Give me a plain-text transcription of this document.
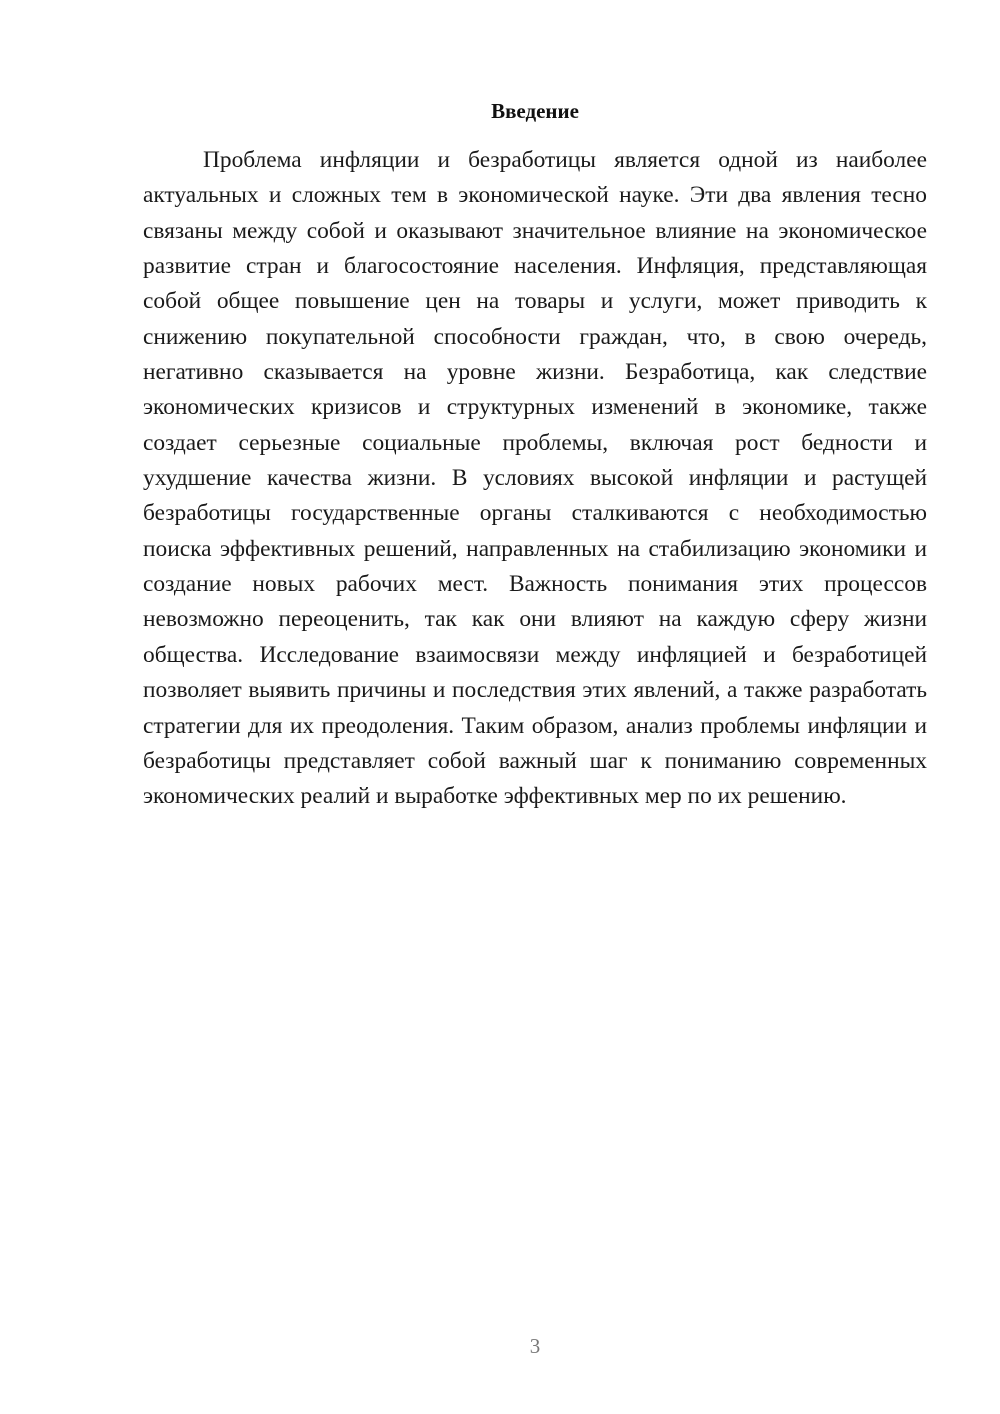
Введение

Проблема инфляции и безработицы является одной из наиболее актуальных и сложных тем в экономической науке. Эти два явления тесно связаны между собой и оказывают значительное влияние на экономическое развитие стран и благосостояние населения. Инфляция, представляющая собой общее повышение цен на товары и услуги, может приводить к снижению покупательной способности граждан, что, в свою очередь, негативно сказывается на уровне жизни. Безработица, как следствие экономических кризисов и структурных изменений в экономике, также создает серьезные социальные проблемы, включая рост бедности и ухудшение качества жизни. В условиях высокой инфляции и растущей безработицы государственные органы сталкиваются с необходимостью поиска эффективных решений, направленных на стабилизацию экономики и создание новых рабочих мест. Важность понимания этих процессов невозможно переоценить, так как они влияют на каждую сферу жизни общества. Исследование взаимосвязи между инфляцией и безработицей позволяет выявить причины и последствия этих явлений, а также разработать стратегии для их преодоления. Таким образом, анализ проблемы инфляции и безработицы представляет собой важный шаг к пониманию современных экономических реалий и выработке эффективных мер по их решению.

3
